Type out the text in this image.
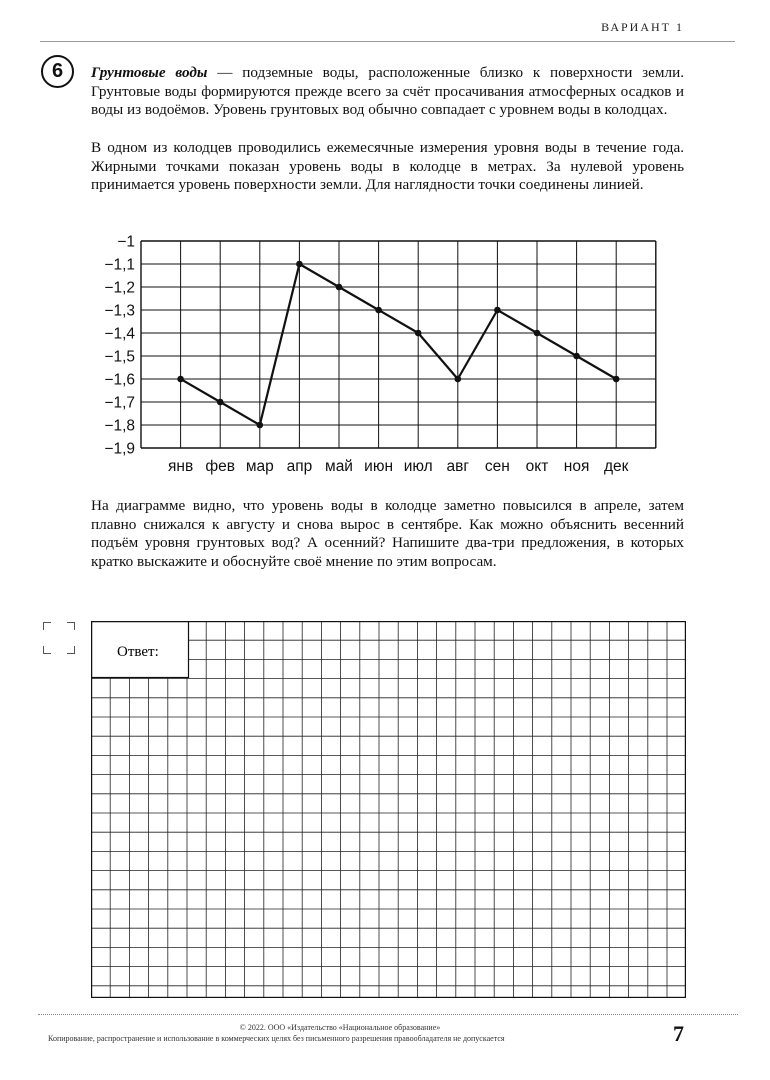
ВАРИАНТ 1
6	Грунтовые воды — подземные воды, расположенные близко к поверхности земли. Грунтовые воды формируются прежде всего за счёт просачивания атмосферных осадков и воды из водоёмов. Уровень грунтовых вод обычно совпадает с уровнем воды в колодцах.
В одном из колодцев проводились ежемесячные измерения уровня воды в течение года. Жирными точками показан уровень воды в колодце в метрах. За нулевой уровень принимается уровень поверхности земли. Для наглядности точки соединены линией.
−1
−1,1
−1,2
−1,3
−1,4
−1,5
−1,6
−1,7
−1,8
−1,9
янв фев мар апр май июн июл авг сен окт ноя дек
На диаграмме видно, что уровень воды в колодце заметно повысился в апреле, затем плавно снижался к августу и снова вырос в сентябре. Как можно объяснить весенний подъём уровня грунтовых вод? А осенний? Напишите два-три предложения, в которых кратко выскажите и обоснуйте своё мнение по этим вопросам.
Ответ:
© 2022. ООО «Издательство «Национальное образование»
Копирование, распространение и использование в коммерческих целях без письменного разрешения правообладателя не допускается	7
